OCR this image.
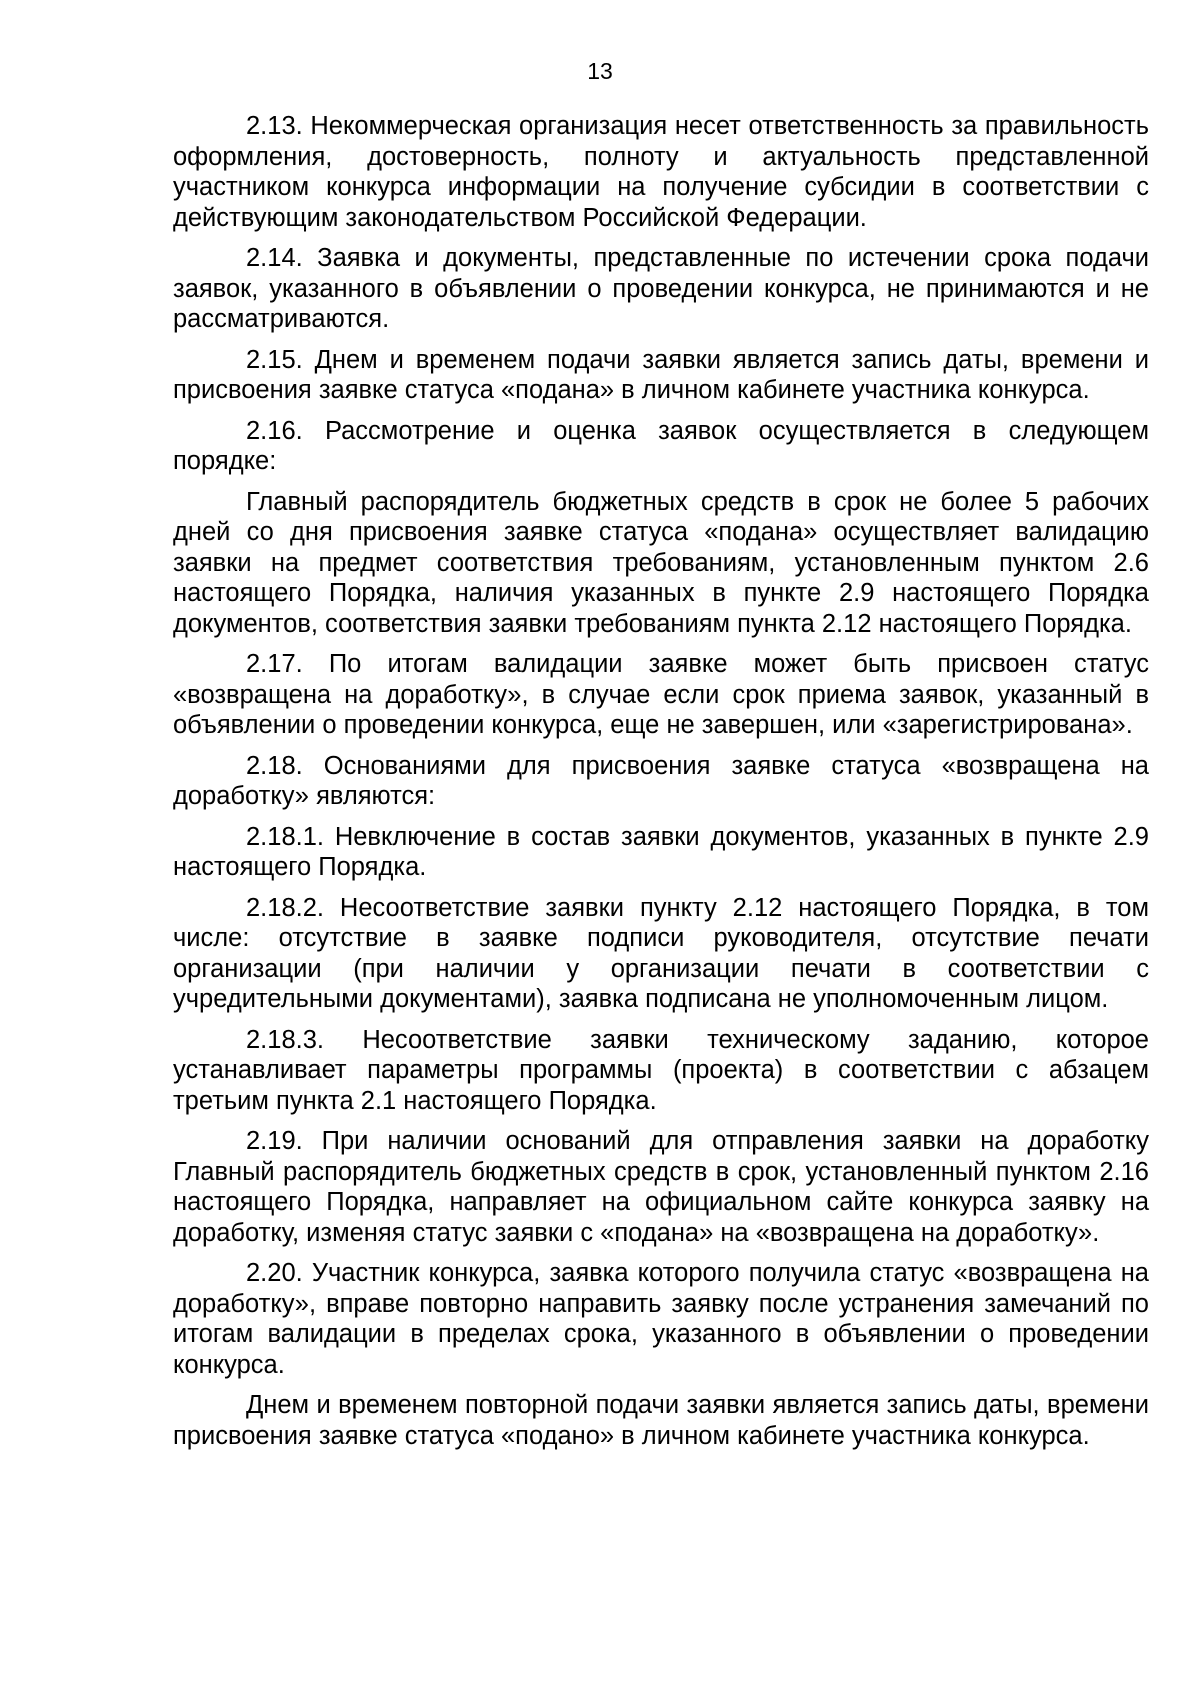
13

2.13. Некоммерческая организация несет ответственность за правильность оформления, достоверность, полноту и актуальность представленной участником конкурса информации на получение субсидии в соответствии с действующим законодательством Российской Федерации.

2.14. Заявка и документы, представленные по истечении срока подачи заявок, указанного в объявлении о проведении конкурса, не принимаются и не рассматриваются.

2.15. Днем и временем подачи заявки является запись даты, времени и присвоения заявке статуса «подана» в личном кабинете участника конкурса.

2.16. Рассмотрение и оценка заявок осуществляется в следующем порядке:

Главный распорядитель бюджетных средств в срок не более 5 рабочих дней со дня присвоения заявке статуса «подана» осуществляет валидацию заявки на предмет соответствия требованиям, установленным пунктом 2.6 настоящего Порядка, наличия указанных в пункте 2.9 настоящего Порядка документов, соответствия заявки требованиям пункта 2.12 настоящего Порядка.

2.17. По итогам валидации заявке может быть присвоен статус «возвращена на доработку», в случае если срок приема заявок, указанный в объявлении о проведении конкурса, еще не завершен, или «зарегистрирована».

2.18. Основаниями для присвоения заявке статуса «возвращена на доработку» являются:

2.18.1. Невключение в состав заявки документов, указанных в пункте 2.9 настоящего Порядка.

2.18.2. Несоответствие заявки пункту 2.12 настоящего Порядка, в том числе: отсутствие в заявке подписи руководителя, отсутствие печати организации (при наличии у организации печати в соответствии с учредительными документами), заявка подписана не уполномоченным лицом.

2.18.3. Несоответствие заявки техническому заданию, которое устанавливает параметры программы (проекта) в соответствии с абзацем третьим пункта 2.1 настоящего Порядка.

2.19. При наличии оснований для отправления заявки на доработку Главный распорядитель бюджетных средств в срок, установленный пунктом 2.16 настоящего Порядка, направляет на официальном сайте конкурса заявку на доработку, изменяя статус заявки с «подана» на «возвращена на доработку».

2.20. Участник конкурса, заявка которого получила статус «возвращена на доработку», вправе повторно направить заявку после устранения замечаний по итогам валидации в пределах срока, указанного в объявлении о проведении конкурса.

Днем и временем повторной подачи заявки является запись даты, времени присвоения заявке статуса «подано» в личном кабинете участника конкурса.
